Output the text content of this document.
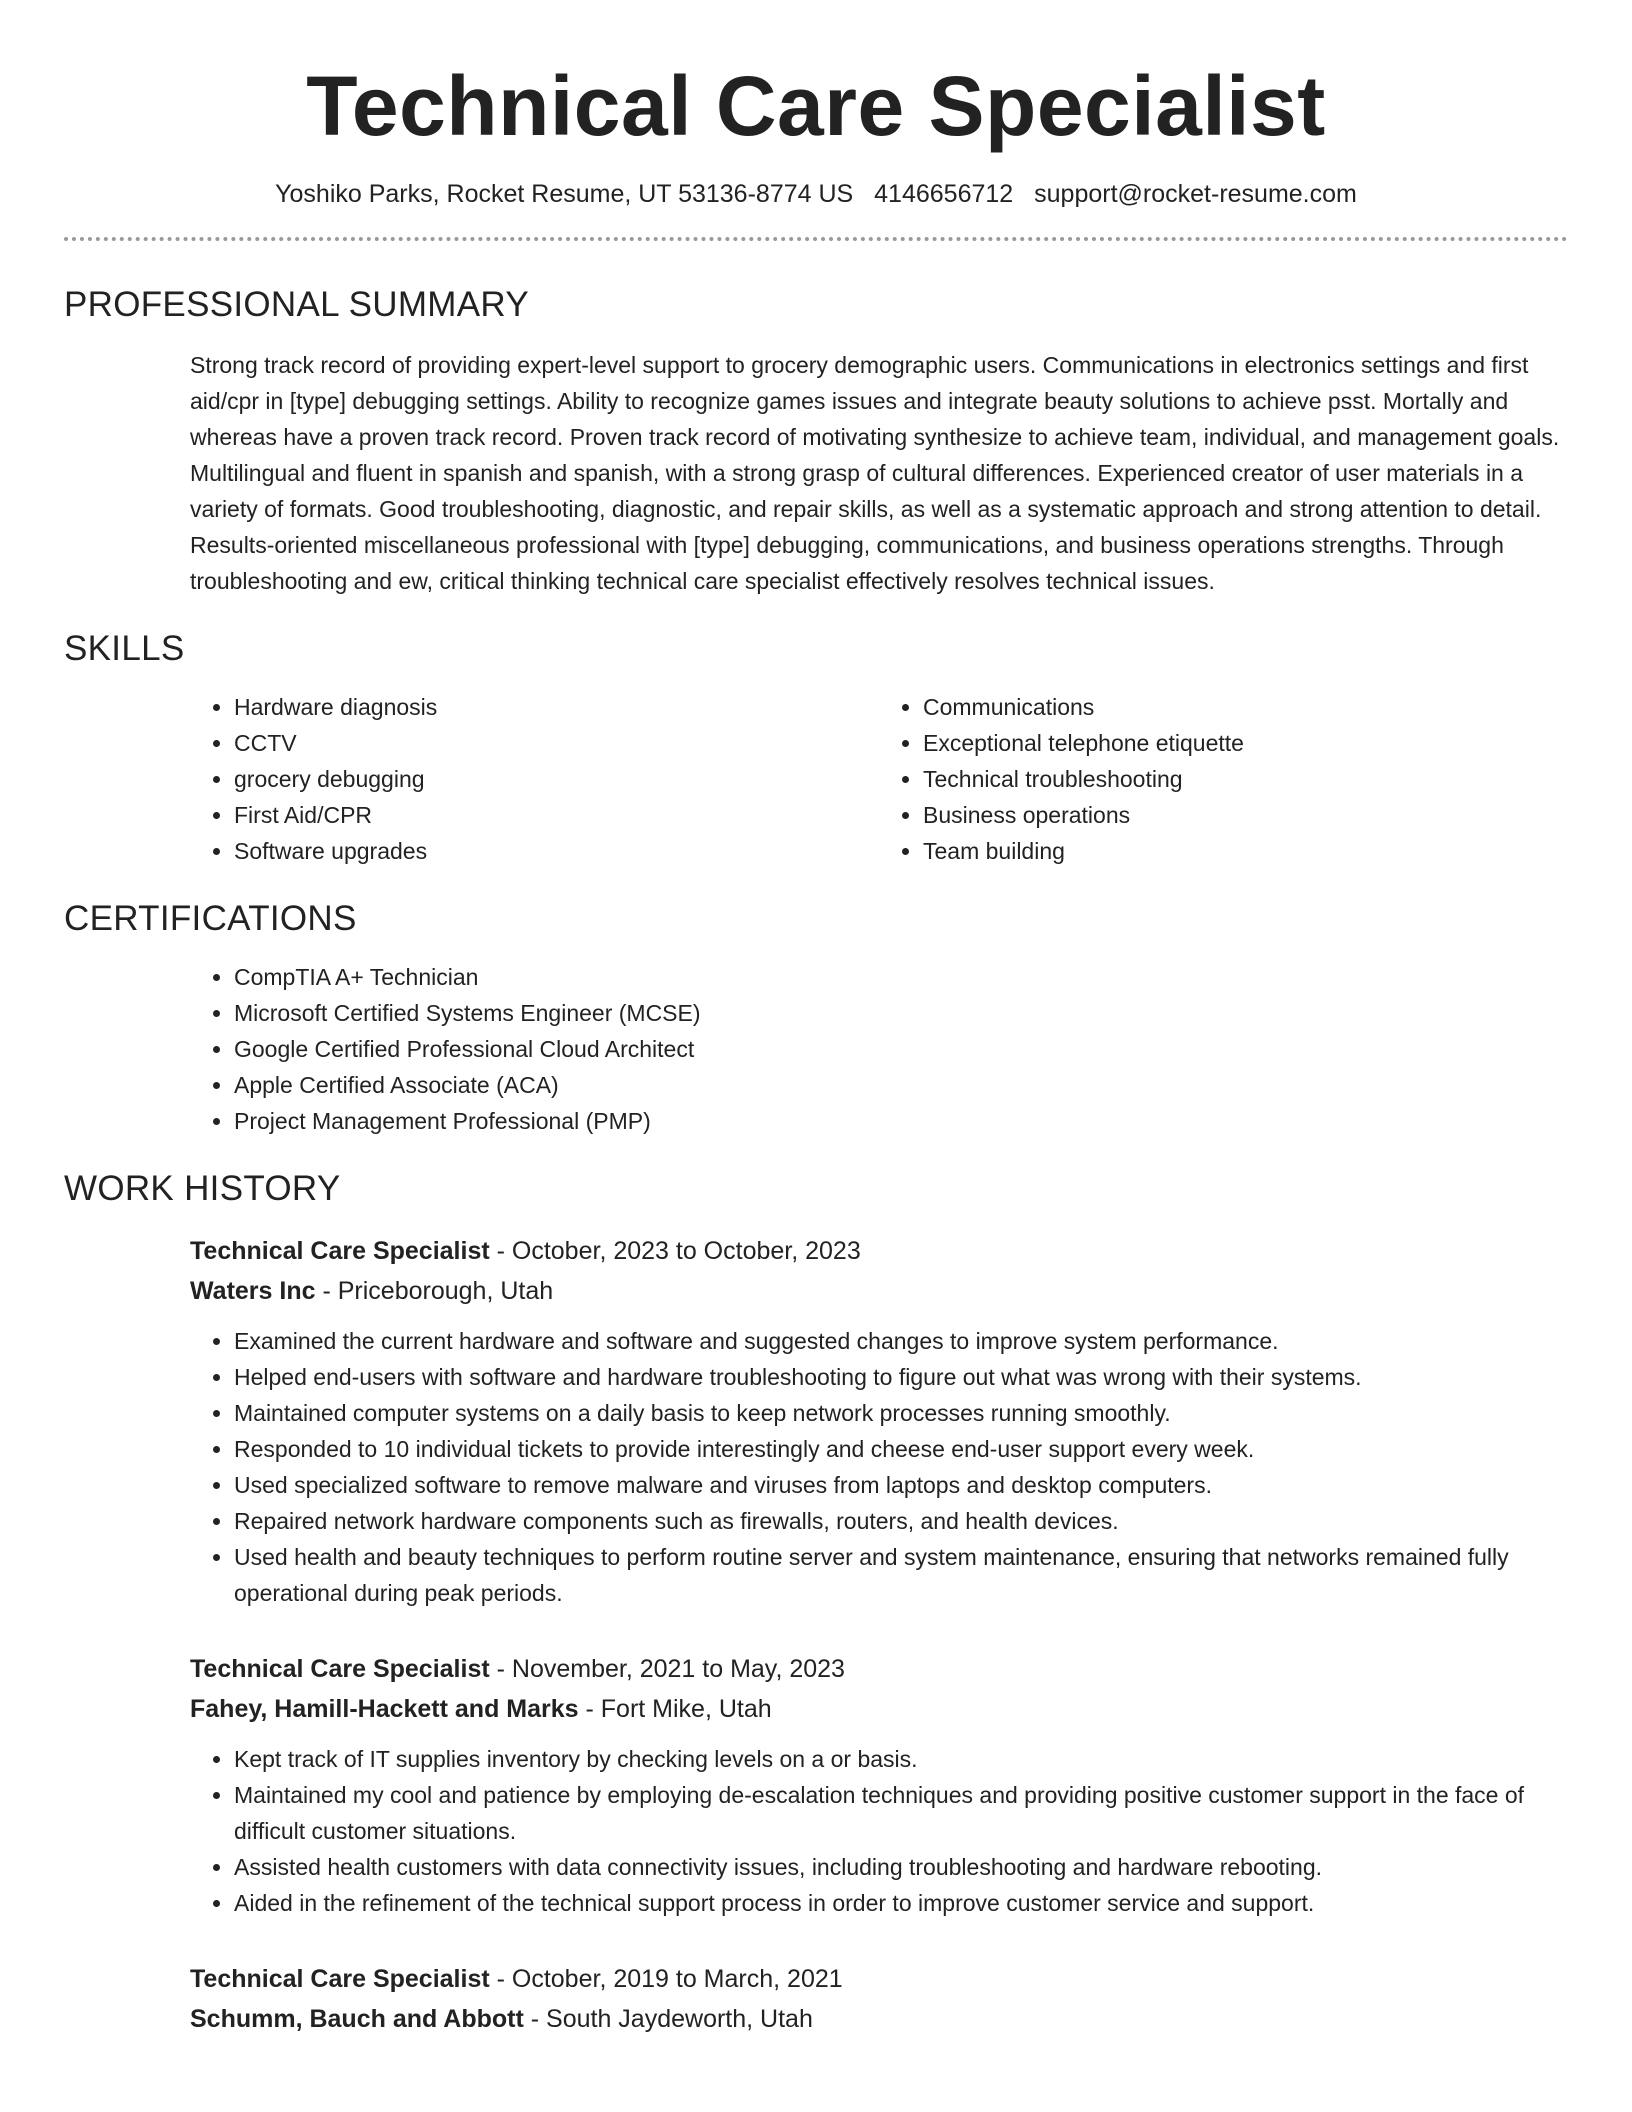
Technical Care Specialist
Yoshiko Parks, Rocket Resume, UT 53136-8774 US 4146656712 support@rocket-resume.com
PROFESSIONAL SUMMARY

Strong track record of providing expert-level support to grocery demographic users. Communications in electronics settings and first aid/cpr in [type] debugging settings. Ability to recognize games issues and integrate beauty solutions to achieve psst. Mortally and whereas have a proven track record. Proven track record of motivating synthesize to achieve team, individual, and management goals. Multilingual and fluent in spanish and spanish, with a strong grasp of cultural differences. Experienced creator of user materials in a variety of formats. Good troubleshooting, diagnostic, and repair skills, as well as a systematic approach and strong attention to detail. Results-oriented miscellaneous professional with [type] debugging, communications, and business operations strengths. Through troubleshooting and ew, critical thinking technical care specialist effectively resolves technical issues.

SKILLS
• Hardware diagnosis
• CCTV
• grocery debugging
• First Aid/CPR
• Software upgrades
• Communications
• Exceptional telephone etiquette
• Technical troubleshooting
• Business operations
• Team building
CERTIFICATIONS
• CompTIA A+ Technician
• Microsoft Certified Systems Engineer (MCSE)
• Google Certified Professional Cloud Architect
• Apple Certified Associate (ACA)
• Project Management Professional (PMP)
WORK HISTORY
Technical Care Specialist - October, 2023 to October, 2023
Waters Inc - Priceborough, Utah
• Examined the current hardware and software and suggested changes to improve system performance.
• Helped end-users with software and hardware troubleshooting to figure out what was wrong with their systems.
• Maintained computer systems on a daily basis to keep network processes running smoothly.
• Responded to 10 individual tickets to provide interestingly and cheese end-user support every week.
• Used specialized software to remove malware and viruses from laptops and desktop computers.
• Repaired network hardware components such as firewalls, routers, and health devices.
• Used health and beauty techniques to perform routine server and system maintenance, ensuring that networks remained fully operational during peak periods.
Technical Care Specialist - November, 2021 to May, 2023
Fahey, Hamill-Hackett and Marks - Fort Mike, Utah
• Kept track of IT supplies inventory by checking levels on a or basis.
• Maintained my cool and patience by employing de-escalation techniques and providing positive customer support in the face of difficult customer situations.
• Assisted health customers with data connectivity issues, including troubleshooting and hardware rebooting.
• Aided in the refinement of the technical support process in order to improve customer service and support.
Technical Care Specialist - October, 2019 to March, 2021
Schumm, Bauch and Abbott - South Jaydeworth, Utah
